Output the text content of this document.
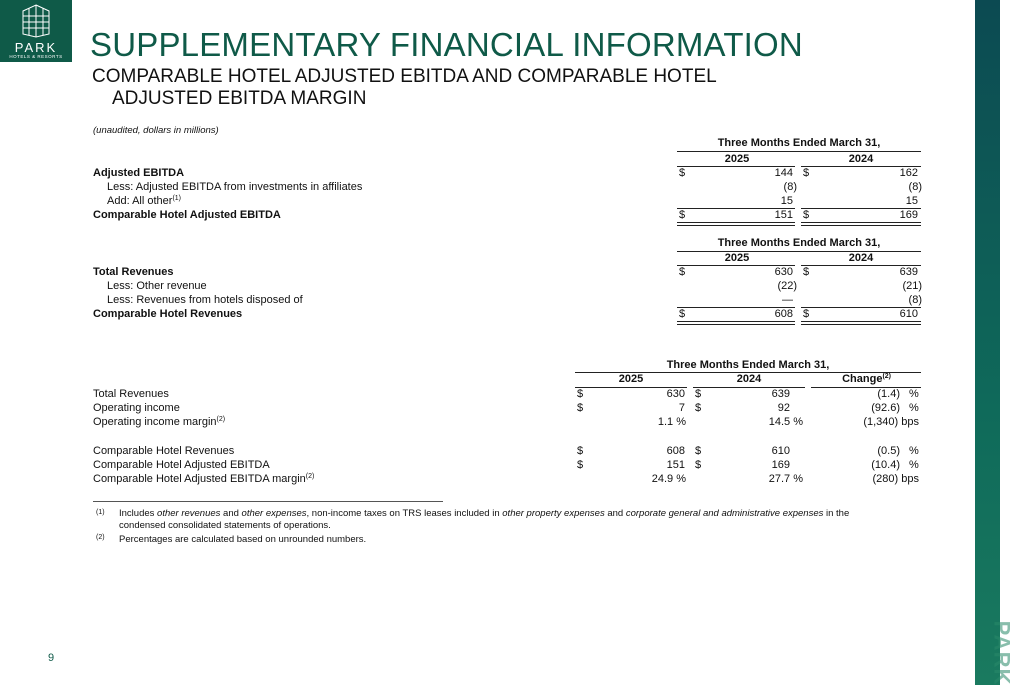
PARK
HOTELS & RESORTS SUPPLEMENTARY FINANCIAL INFORMATION
COMPARABLE HOTEL ADJUSTED EBITDA AND COMPARABLE HOTEL
ADJUSTED EBITDA MARGIN
(unaudited, dollars in millions)
Three Months Ended March 31,
2025	2024
Adjusted EBITDA	$	144 $	162
Less: Adjusted EBITDA from investments in affiliates	(8)	(8)
Add: All other$^{(1)}$	15	15
Comparable Hotel Adjusted EBITDA	$	151 $	169
Three Months Ended March 31,
2025	2024
Total Revenues	$	630 $	639
Less: Other revenue	(22)	(21)
Less: Revenues from hotels disposed of	—	(8)
Comparable Hotel Revenues	$	608 $	610
Three Months Ended March 31,
2025	2024	Change$^{(2)}$
Total Revenues	$	630 $	639	(1.4) %
Operating income	$	7 $	92	(92.6) %
Operating income margin$^{(2)}$	1.1 %	14.5 %	(1,340) bps
Comparable Hotel Revenues	$	608 $	610	(0.5) %
Comparable Hotel Adjusted EBITDA	$	151 $	169	(10.4) %
Comparable Hotel Adjusted EBITDA margin$^{(2)}$	24.9 %	27.7 %	(280) bps
(1) Includes other revenues and other expenses, non-income taxes on TRS leases included in other property expenses and corporate general and administrative expenses in the
condensed consolidated statements of operations.
(2) Percentages are calculated based on unrounded numbers.
9	PARK
